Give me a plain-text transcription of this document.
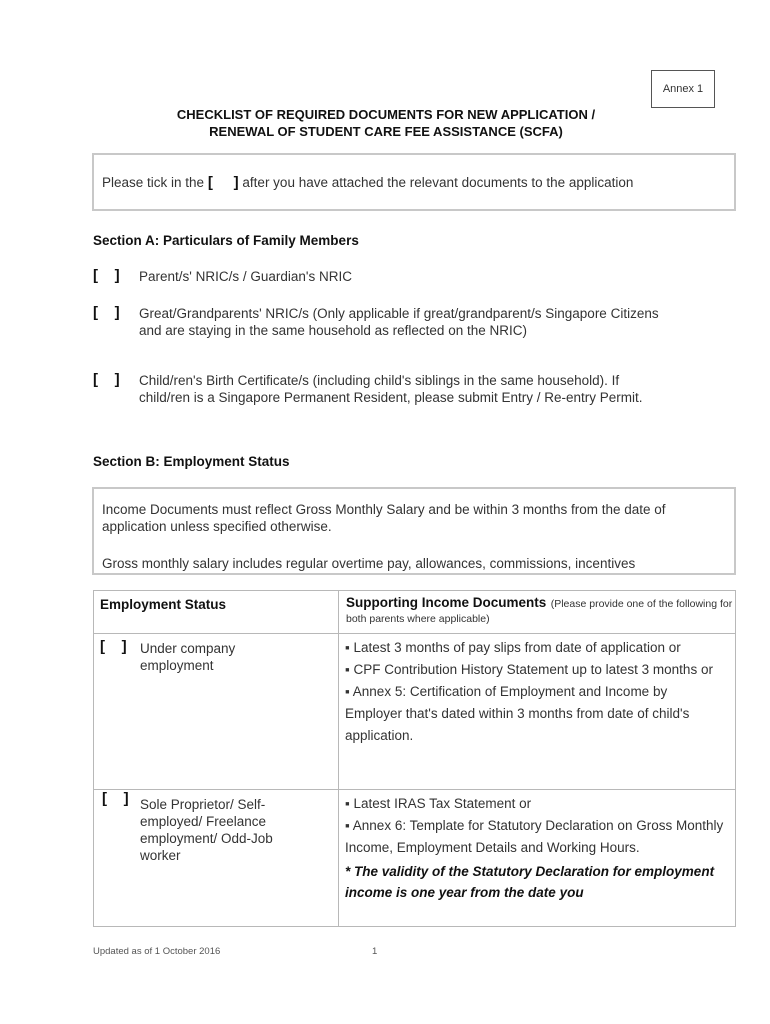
Annex 1
CHECKLIST OF REQUIRED DOCUMENTS FOR NEW APPLICATION /
RENEWAL OF STUDENT CARE FEE ASSISTANCE (SCFA)
Please tick in the
[     ]
after you have attached the relevant documents to the application
Section A: Particulars of Family Members
[    ] Parent/s' NRIC/s / Guardian's NRIC
[    ] Great/Grandparents' NRIC/s (Only applicable if great/grandparent/s Singapore Citizens and are staying in the same household as reflected on the NRIC)
[    ] Child/ren's Birth Certificate/s (including child's siblings in the same household). If child/ren is a Singapore Permanent Resident, please submit Entry / Re-entry Permit.
Section B: Employment Status

Income Documents must reflect Gross Monthly Salary and be within 3 months from the date of application unless specified otherwise.

Gross monthly salary includes regular overtime pay, allowances, commissions, incentives

Employment Status	Supporting Income Documents (Please provide one of the following for both parents where applicable)

[    ] Under company employment	▪ Latest 3 months of pay slips from date of application or
▪ CPF Contribution History Statement up to latest 3 months or
▪ Annex 5: Certification of Employment and Income by Employer that's dated within 3 months from date of child's application.

[    ] Sole Proprietor/ Self-employed/ Freelance employment/ Odd-Job worker	▪ Latest IRAS Tax Statement or
▪ Annex 6: Template for Statutory Declaration on Gross Monthly Income, Employment Details and Working Hours.
* The validity of the Statutory Declaration for employment income is one year from the date you
Updated as of 1 October 2016	1
